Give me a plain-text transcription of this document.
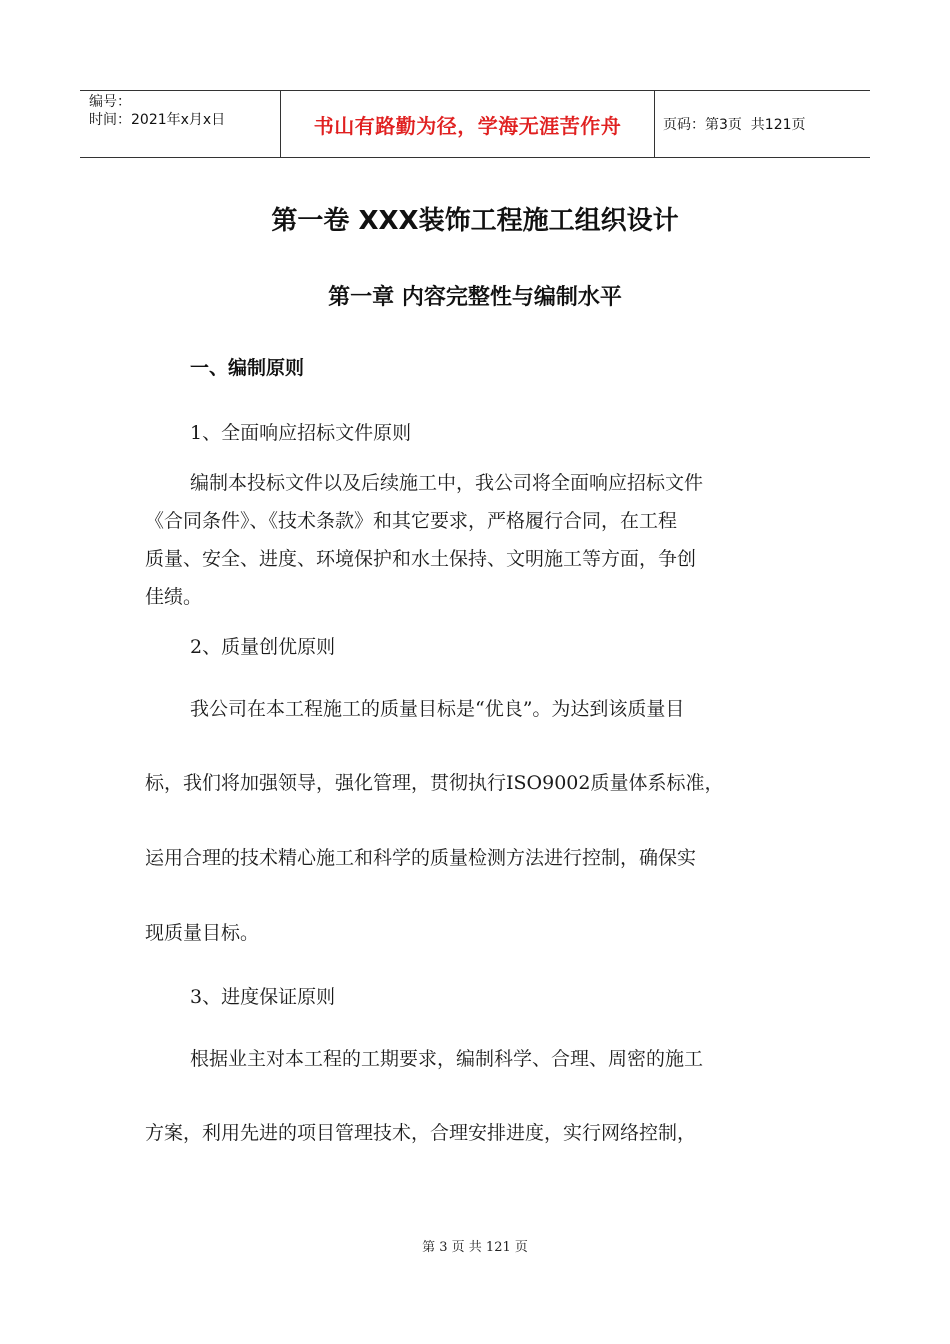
编号：
时间：2021年x月x日	书山有路勤为径，学海无涯苦作舟	页码：第3页  共121页
第一卷 XXX装饰工程施工组织设计
第一章 内容完整性与编制水平
一、编制原则
1、全面响应招标文件原则
编制本投标文件以及后续施工中，我公司将全面响应招标文件
《合同条件》、《技术条款》和其它要求，严格履行合同，在工程
质量、安全、进度、环境保护和水土保持、文明施工等方面，争创
佳绩。
2、质量创优原则
我公司在本工程施工的质量目标是“优良”。为达到该质量目
标，我们将加强领导，强化管理，贯彻执行ISO9002质量体系标准，
运用合理的技术精心施工和科学的质量检测方法进行控制，确保实
现质量目标。
3、进度保证原则
根据业主对本工程的工期要求，编制科学、合理、周密的施工
方案，利用先进的项目管理技术，合理安排进度，实行网络控制，
第 3 页 共 121 页
